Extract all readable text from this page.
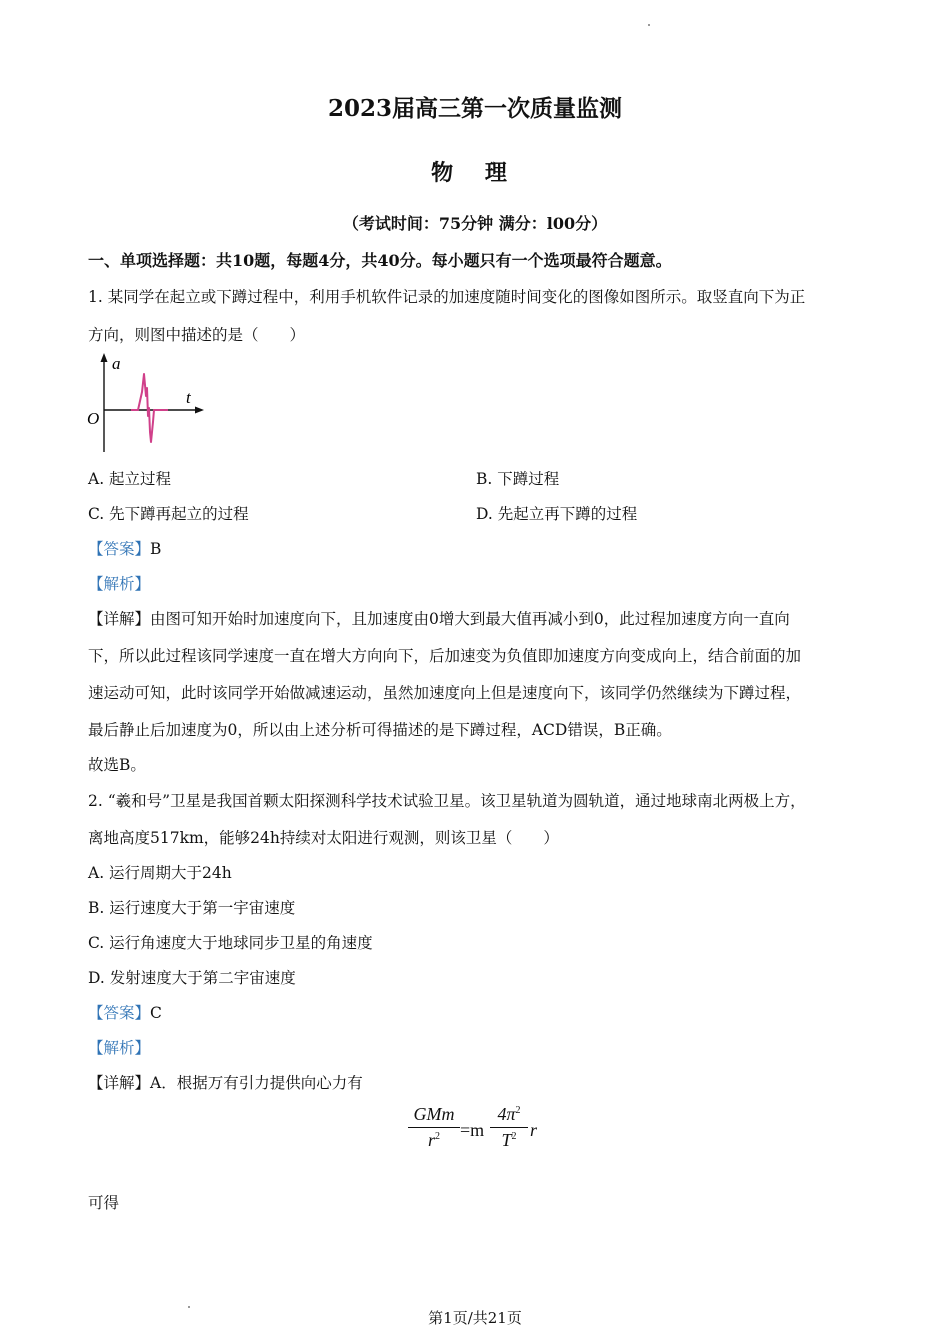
2023届高三第一次质量监测
物 理
（考试时间：75分钟 满分：l00分）
一、单项选择题：共10题，每题4分，共40分。每小题只有一个选项最符合题意。
1. 某同学在起立或下蹲过程中，利用手机软件记录的加速度随时间变化的图像如图所示。取竖直向下为正
方向，则图中描述的是（　　）
a
t
O
A. 起立过程	B. 下蹲过程
C. 先下蹲再起立的过程	D. 先起立再下蹲的过程
【答案】B
【解析】
【详解】由图可知开始时加速度向下，且加速度由0增大到最大值再减小到0，此过程加速度方向一直向
下，所以此过程该同学速度一直在增大方向向下，后加速变为负值即加速度方向变成向上，结合前面的加
速运动可知，此时该同学开始做减速运动，虽然加速度向上但是速度向下，该同学仍然继续为下蹲过程，
最后静止后加速度为0，所以由上述分析可得描述的是下蹲过程，ACD错误，B正确。
故选B。
2. “羲和号”卫星是我国首颗太阳探测科学技术试验卫星。该卫星轨道为圆轨道，通过地球南北两极上方，
离地高度517km，能够24h持续对太阳进行观测，则该卫星（　　）
A. 运行周期大于24h
B. 运行速度大于第一宇宙速度
C. 运行角速度大于地球同步卫星的角速度
D. 发射速度大于第二宇宙速度
【答案】C
【解析】
【详解】A．根据万有引力提供向心力有
GMm
$r^2$	=m
$4\pi^2$
$T^2$ r
可得
第1页/共21页
